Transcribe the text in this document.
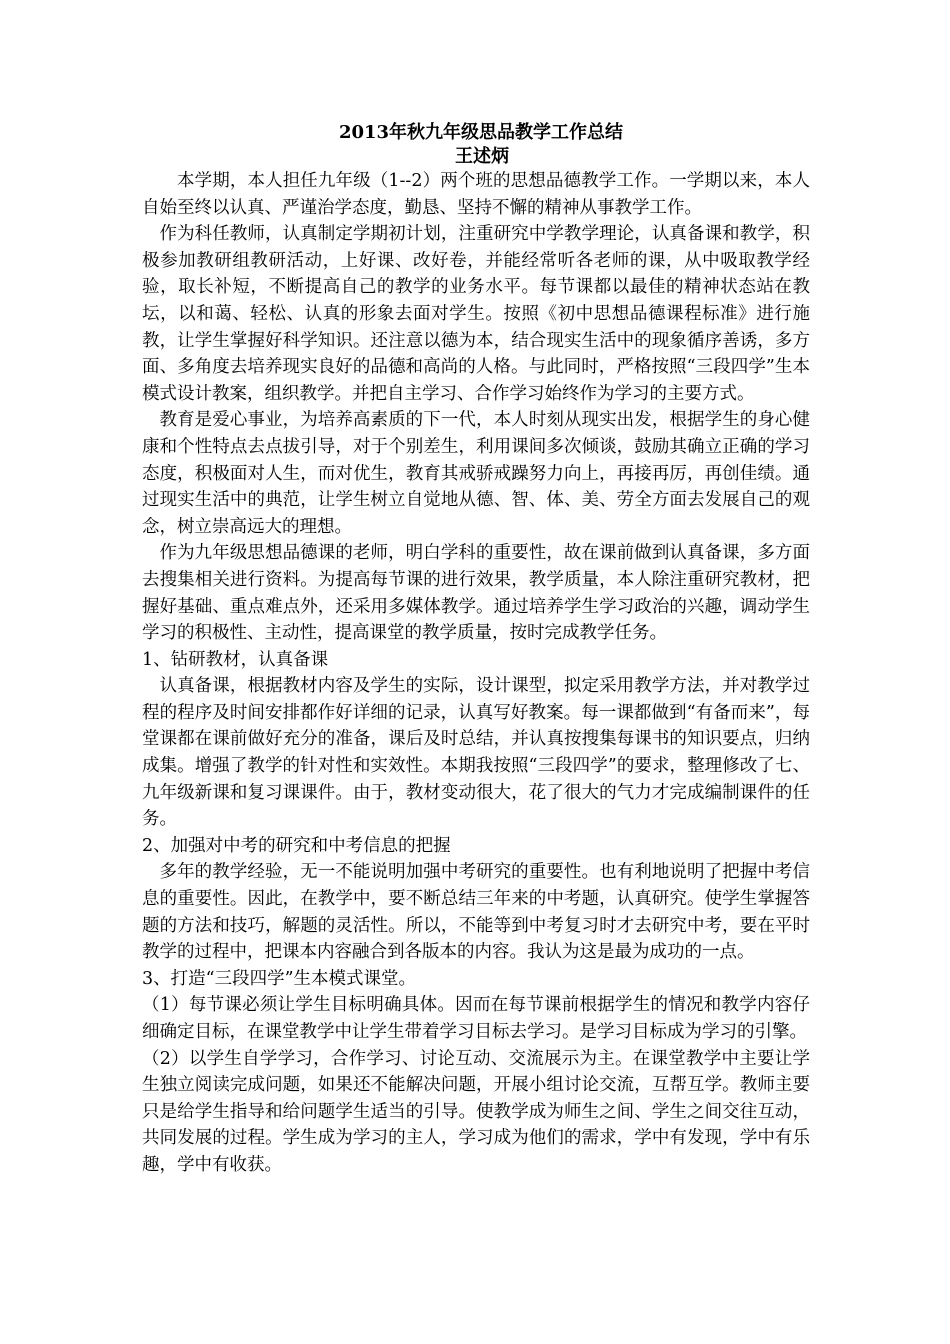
2013年秋九年级思品教学工作总结
王述炳

本学期，本人担任九年级（1--2）两个班的思想品德教学工作。一学期以来，本人自始至终以认真、严谨治学态度，勤恳、坚持不懈的精神从事教学工作。

作为科任教师，认真制定学期初计划，注重研究中学教学理论，认真备课和教学，积极参加教研组教研活动，上好课、改好卷，并能经常听各老师的课，从中吸取教学经验，取长补短，不断提高自己的教学的业务水平。每节课都以最佳的精神状态站在教坛，以和蔼、轻松、认真的形象去面对学生。按照《初中思想品德课程标准》进行施教，让学生掌握好科学知识。还注意以德为本，结合现实生活中的现象循序善诱，多方面、多角度去培养现实良好的品德和高尚的人格。与此同时，严格按照“三段四学”生本模式设计教案，组织教学。并把自主学习、合作学习始终作为学习的主要方式。

教育是爱心事业，为培养高素质的下一代，本人时刻从现实出发，根据学生的身心健康和个性特点去点拔引导，对于个别差生，利用课间多次倾谈，鼓励其确立正确的学习态度，积极面对人生，而对优生，教育其戒骄戒躁努力向上，再接再厉，再创佳绩。通过现实生活中的典范，让学生树立自觉地从德、智、体、美、劳全方面去发展自己的观念，树立崇高远大的理想。

作为九年级思想品德课的老师，明白学科的重要性，故在课前做到认真备课，多方面去搜集相关进行资料。为提高每节课的进行效果，教学质量，本人除注重研究教材，把握好基础、重点难点外，还采用多媒体教学。通过培养学生学习政治的兴趣，调动学生学习的积极性、主动性，提高课堂的教学质量，按时完成教学任务。

1、钻研教材，认真备课

认真备课，根据教材内容及学生的实际，设计课型，拟定采用教学方法，并对教学过程的程序及时间安排都作好详细的记录，认真写好教案。每一课都做到“有备而来”，每堂课都在课前做好充分的准备，课后及时总结，并认真按搜集每课书的知识要点，归纳成集。增强了教学的针对性和实效性。本期我按照“三段四学”的要求，整理修改了七、九年级新课和复习课课件。由于，教材变动很大，花了很大的气力才完成编制课件的任务。

2、加强对中考的研究和中考信息的把握

多年的教学经验，无一不能说明加强中考研究的重要性。也有利地说明了把握中考信息的重要性。因此，在教学中，要不断总结三年来的中考题，认真研究。使学生掌握答题的方法和技巧，解题的灵活性。所以，不能等到中考复习时才去研究中考，要在平时教学的过程中，把课本内容融合到各版本的内容。我认为这是最为成功的一点。

3、打造“三段四学”生本模式课堂。

（1）每节课必须让学生目标明确具体。因而在每节课前根据学生的情况和教学内容仔细确定目标，在课堂教学中让学生带着学习目标去学习。是学习目标成为学习的引擎。

（2）以学生自学学习，合作学习、讨论互动、交流展示为主。在课堂教学中主要让学生独立阅读完成问题，如果还不能解决问题，开展小组讨论交流，互帮互学。教师主要只是给学生指导和给问题学生适当的引导。使教学成为师生之间、学生之间交往互动，共同发展的过程。学生成为学习的主人，学习成为他们的需求，学中有发现，学中有乐趣，学中有收获。
